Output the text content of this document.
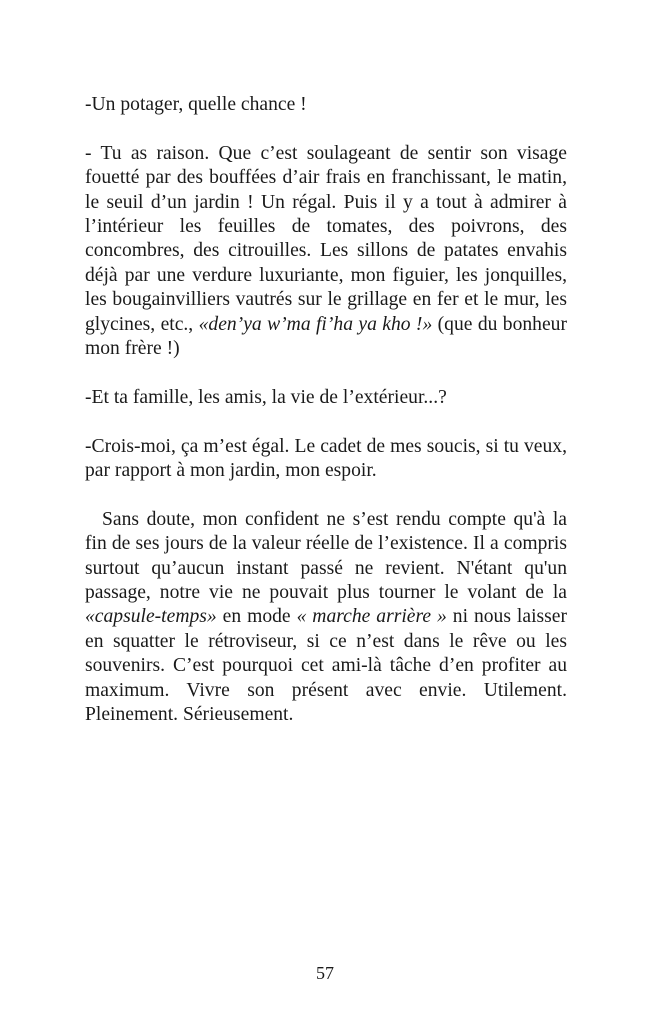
-Un potager, quelle chance !

- Tu as raison. Que c’est soulageant de sentir son visage fouetté par des bouffées d’air frais en franchissant, le matin, le seuil d’un jardin ! Un régal. Puis il y a tout à admirer à l’intérieur les feuilles de tomates, des poivrons, des concombres, des citrouilles. Les sillons de patates envahis déjà par une verdure luxuriante, mon figuier, les jonquilles, les bougainvilliers vautrés sur le grillage en fer et le mur, les glycines, etc., «den’ya w’ma fi’ha ya kho !» (que du bonheur mon frère !)

-Et ta famille, les amis, la vie de l’extérieur...?

-Crois-moi, ça m’est égal. Le cadet de mes soucis, si tu veux, par rapport à mon jardin, mon espoir.

Sans doute, mon confident ne s’est rendu compte qu'à la fin de ses jours de la valeur réelle de l’existence. Il a compris surtout qu’aucun instant passé ne revient. N'étant qu'un passage, notre vie ne pouvait plus tourner le volant de la «capsule-temps» en mode « marche arrière » ni nous laisser en squatter le rétroviseur, si ce n’est dans le rêve ou les souvenirs. C’est pourquoi cet ami-là tâche d’en profiter au maximum. Vivre son présent avec envie. Utilement. Pleinement. Sérieusement.

57
